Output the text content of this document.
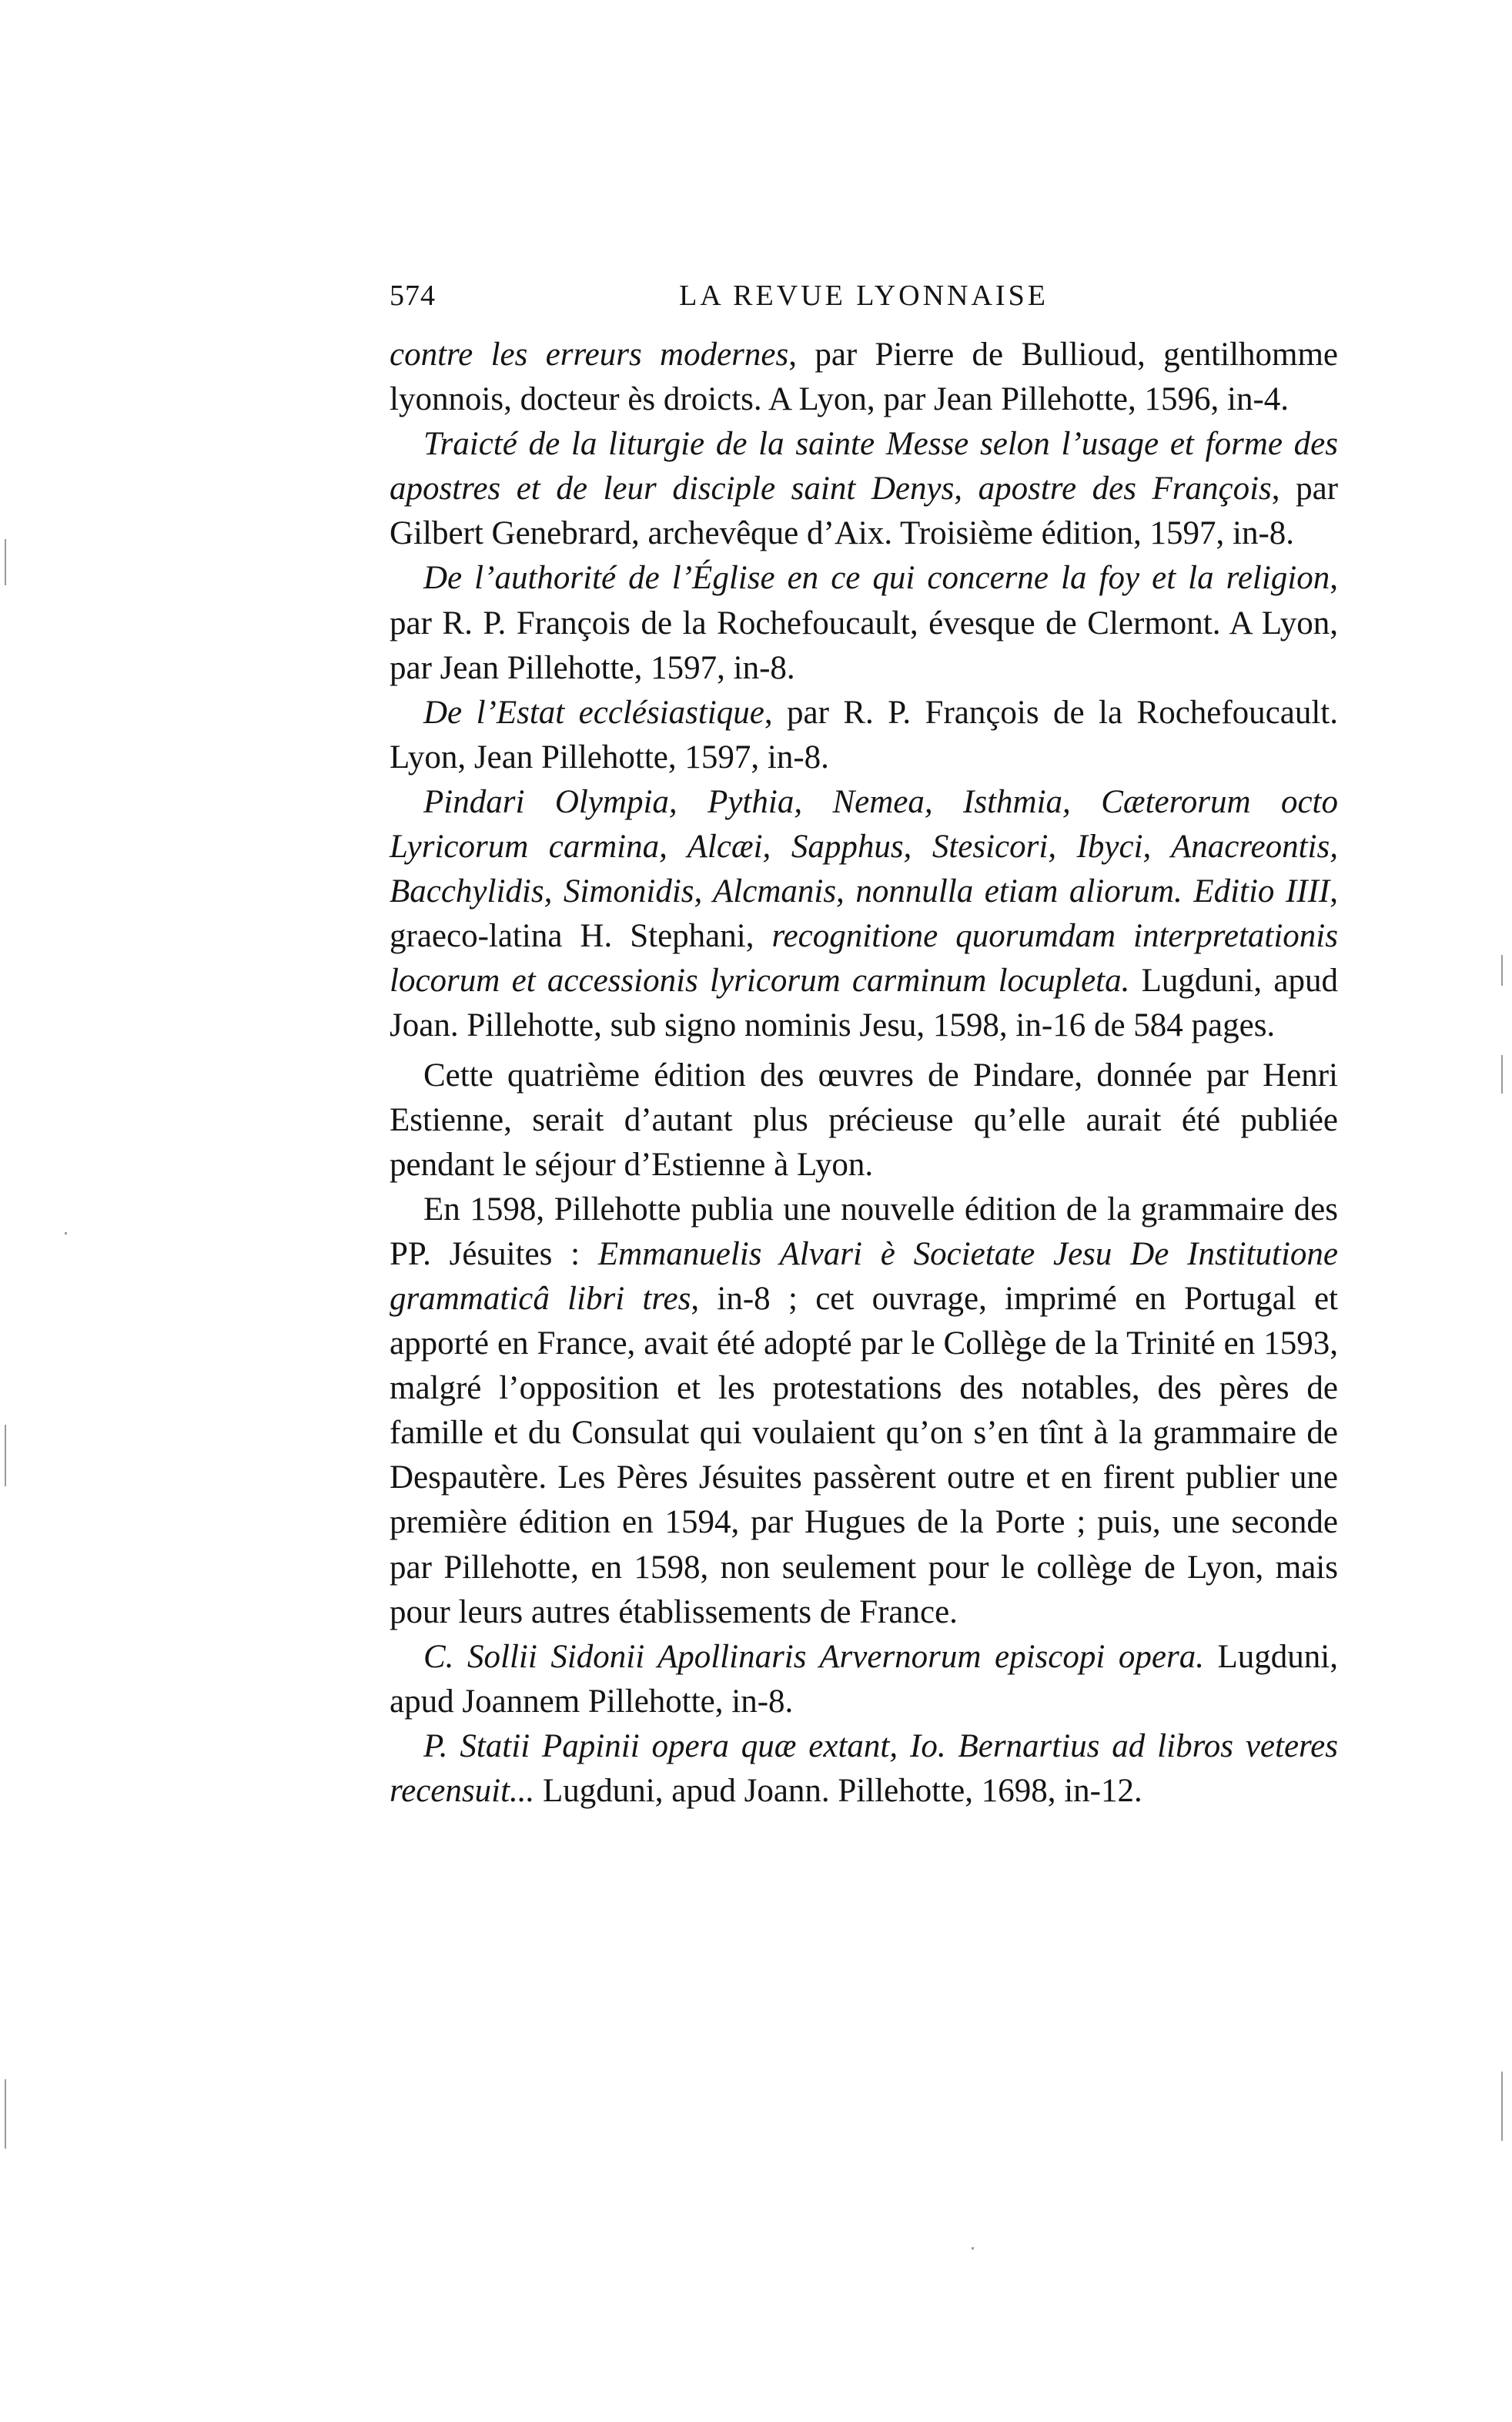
574	LA REVUE LYONNAISE

contre les erreurs modernes, par Pierre de Bullioud, gentilhomme lyonnois, docteur ès droicts. A Lyon, par Jean Pillehotte, 1596, in-4.

Traicté de la liturgie de la sainte Messe selon l’usage et forme des apostres et de leur disciple saint Denys, apostre des François, par Gilbert Genebrard, archevêque d’Aix. Troisième édition, 1597, in-8.

De l’authorité de l’Église en ce qui concerne la foy et la religion, par R. P. François de la Rochefoucault, évesque de Clermont. A Lyon, par Jean Pillehotte, 1597, in-8.

De l’Estat ecclésiastique, par R. P. François de la Rochefoucault. Lyon, Jean Pillehotte, 1597, in-8.

Pindari Olympia, Pythia, Nemea, Isthmia, Cæterorum octo Lyricorum carmina, Alcæi, Sapphus, Stesicori, Ibyci, Anacreontis, Bacchylidis, Simonidis, Alcmanis, nonnulla etiam aliorum. Editio IIII, graeco-latina H. Stephani, recognitione quorumdam interpretationis locorum et accessionis lyricorum carminum locupleta. Lugduni, apud Joan. Pillehotte, sub signo nominis Jesu, 1598, in-16 de 584 pages.

Cette quatrième édition des œuvres de Pindare, donnée par Henri Estienne, serait d’autant plus précieuse qu’elle aurait été publiée pendant le séjour d’Estienne à Lyon.

En 1598, Pillehotte publia une nouvelle édition de la grammaire des PP. Jésuites : Emmanuelis Alvari è Societate Jesu De Institutione grammaticâ libri tres, in-8 ; cet ouvrage, imprimé en Portugal et apporté en France, avait été adopté par le Collège de la Trinité en 1593, malgré l’opposition et les protestations des notables, des pères de famille et du Consulat qui voulaient qu’on s’en tînt à la grammaire de Despautère. Les Pères Jésuites passèrent outre et en firent publier une première édition en 1594, par Hugues de la Porte ; puis, une seconde par Pillehotte, en 1598, non seulement pour le collège de Lyon, mais pour leurs autres établissements de France.

C. Sollii Sidonii Apollinaris Arvernorum episcopi opera. Lugduni, apud Joannem Pillehotte, in-8.

P. Statii Papinii opera quæ extant, Io. Bernartius ad libros veteres recensuit... Lugduni, apud Joann. Pillehotte, 1698, in-12.
